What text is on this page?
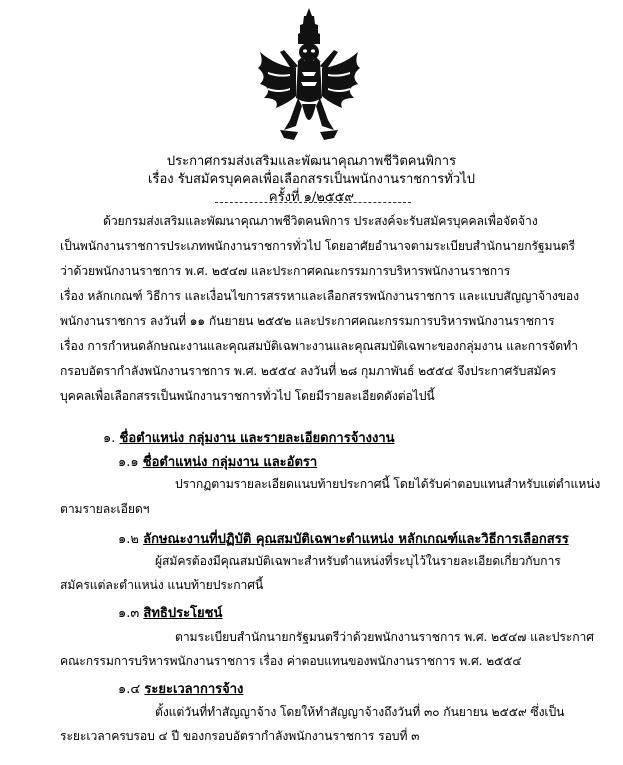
ประกาศกรมส่งเสริมและพัฒนาคุณภาพชีวิตคนพิการ
เรื่อง รับสมัครบุคคลเพื่อเลือกสรรเป็นพนักงานราชการทั่วไป
ครั้งที่ ๑/๒๕๕๙
ด้วยกรมส่งเสริมและพัฒนาคุณภาพชีวิตคนพิการ ประสงค์จะรับสมัครบุคคลเพื่อจัดจ้าง
เป็นพนักงานราชการประเภทพนักงานราชการทั่วไป โดยอาศัยอำนาจตามระเบียบสำนักนายกรัฐมนตรี
ว่าด้วยพนักงานราชการ พ.ศ. ๒๕๔๗ และประกาศคณะกรรมการบริหารพนักงานราชการ
เรื่อง หลักเกณฑ์ วิธีการ และเงื่อนไขการสรรหาและเลือกสรรพนักงานราชการ และแบบสัญญาจ้างของ
พนักงานราชการ ลงวันที่ ๑๑ กันยายน ๒๕๕๒ และประกาศคณะกรรมการบริหารพนักงานราชการ
เรื่อง การกำหนดลักษณะงานและคุณสมบัติเฉพาะงานและคุณสมบัติเฉพาะของกลุ่มงาน และการจัดทำ
กรอบอัตรากำลังพนักงานราชการ พ.ศ. ๒๕๕๔ ลงวันที่ ๒๘ กุมภาพันธ์ ๒๕๕๔ จึงประกาศรับสมัคร
บุคคลเพื่อเลือกสรรเป็นพนักงานราชการทั่วไป โดยมีรายละเอียดดังต่อไปนี้
๑. ชื่อตำแหน่ง กลุ่มงาน และรายละเอียดการจ้างงาน
๑.๑ ชื่อตำแหน่ง กลุ่มงาน และอัตรา
ปรากฏตามรายละเอียดแนบท้ายประกาศนี้ โดยได้รับค่าตอบแทนสำหรับแต่ตำแหน่ง
ตามรายละเอียดฯ
๑.๒ ลักษณะงานที่ปฏิบัติ คุณสมบัติเฉพาะตำแหน่ง หลักเกณฑ์และวิธีการเลือกสรร
ผู้สมัครต้องมีคุณสมบัติเฉพาะสำหรับตำแหน่งที่ระบุไว้ในรายละเอียดเกี่ยวกับการ
สมัครแต่ละตำแหน่ง แนบท้ายประกาศนี้
๑.๓ สิทธิประโยชน์
ตามระเบียบสำนักนายกรัฐมนตรีว่าด้วยพนักงานราชการ พ.ศ. ๒๕๔๗ และประกาศ
คณะกรรมการบริหารพนักงานราชการ เรื่อง ค่าตอบแทนของพนักงานราชการ พ.ศ. ๒๕๕๔
๑.๔ ระยะเวลาการจ้าง
ตั้งแต่วันที่ทำสัญญาจ้าง โดยให้ทำสัญญาจ้างถึงวันที่ ๓๐ กันยายน ๒๕๕๙ ซึ่งเป็น
ระยะเวลาครบรอบ ๔ ปี ของกรอบอัตรากำลังพนักงานราชการ รอบที่ ๓
